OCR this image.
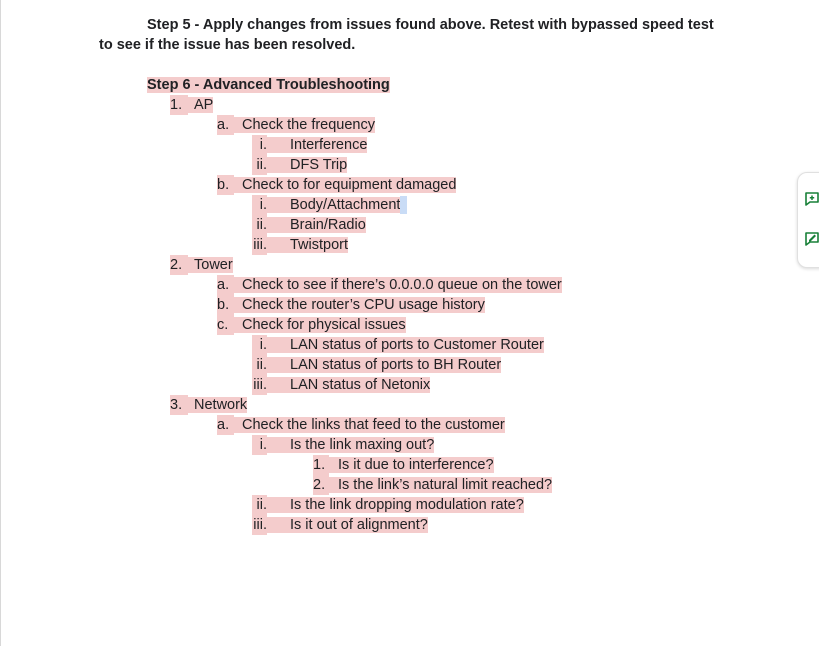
Step 5 - Apply changes from issues found above. Retest with bypassed speed test
to see if the issue has been resolved.
Step 6 - Advanced Troubleshooting
1. AP
a. Check the frequency
i. Interference
ii. DFS Trip
b. Check to for equipment damaged
i. Body/Attachment
ii. Brain/Radio
iii. Twistport
2. Tower
a. Check to see if there’s 0.0.0.0 queue on the tower
b. Check the router’s CPU usage history
c. Check for physical issues
i. LAN status of ports to Customer Router
ii. LAN status of ports to BH Router
iii. LAN status of Netonix
3. Network
a. Check the links that feed to the customer
i. Is the link maxing out?
1. Is it due to interference?
2. Is the link’s natural limit reached?
ii. Is the link dropping modulation rate?
iii. Is it out of alignment?
